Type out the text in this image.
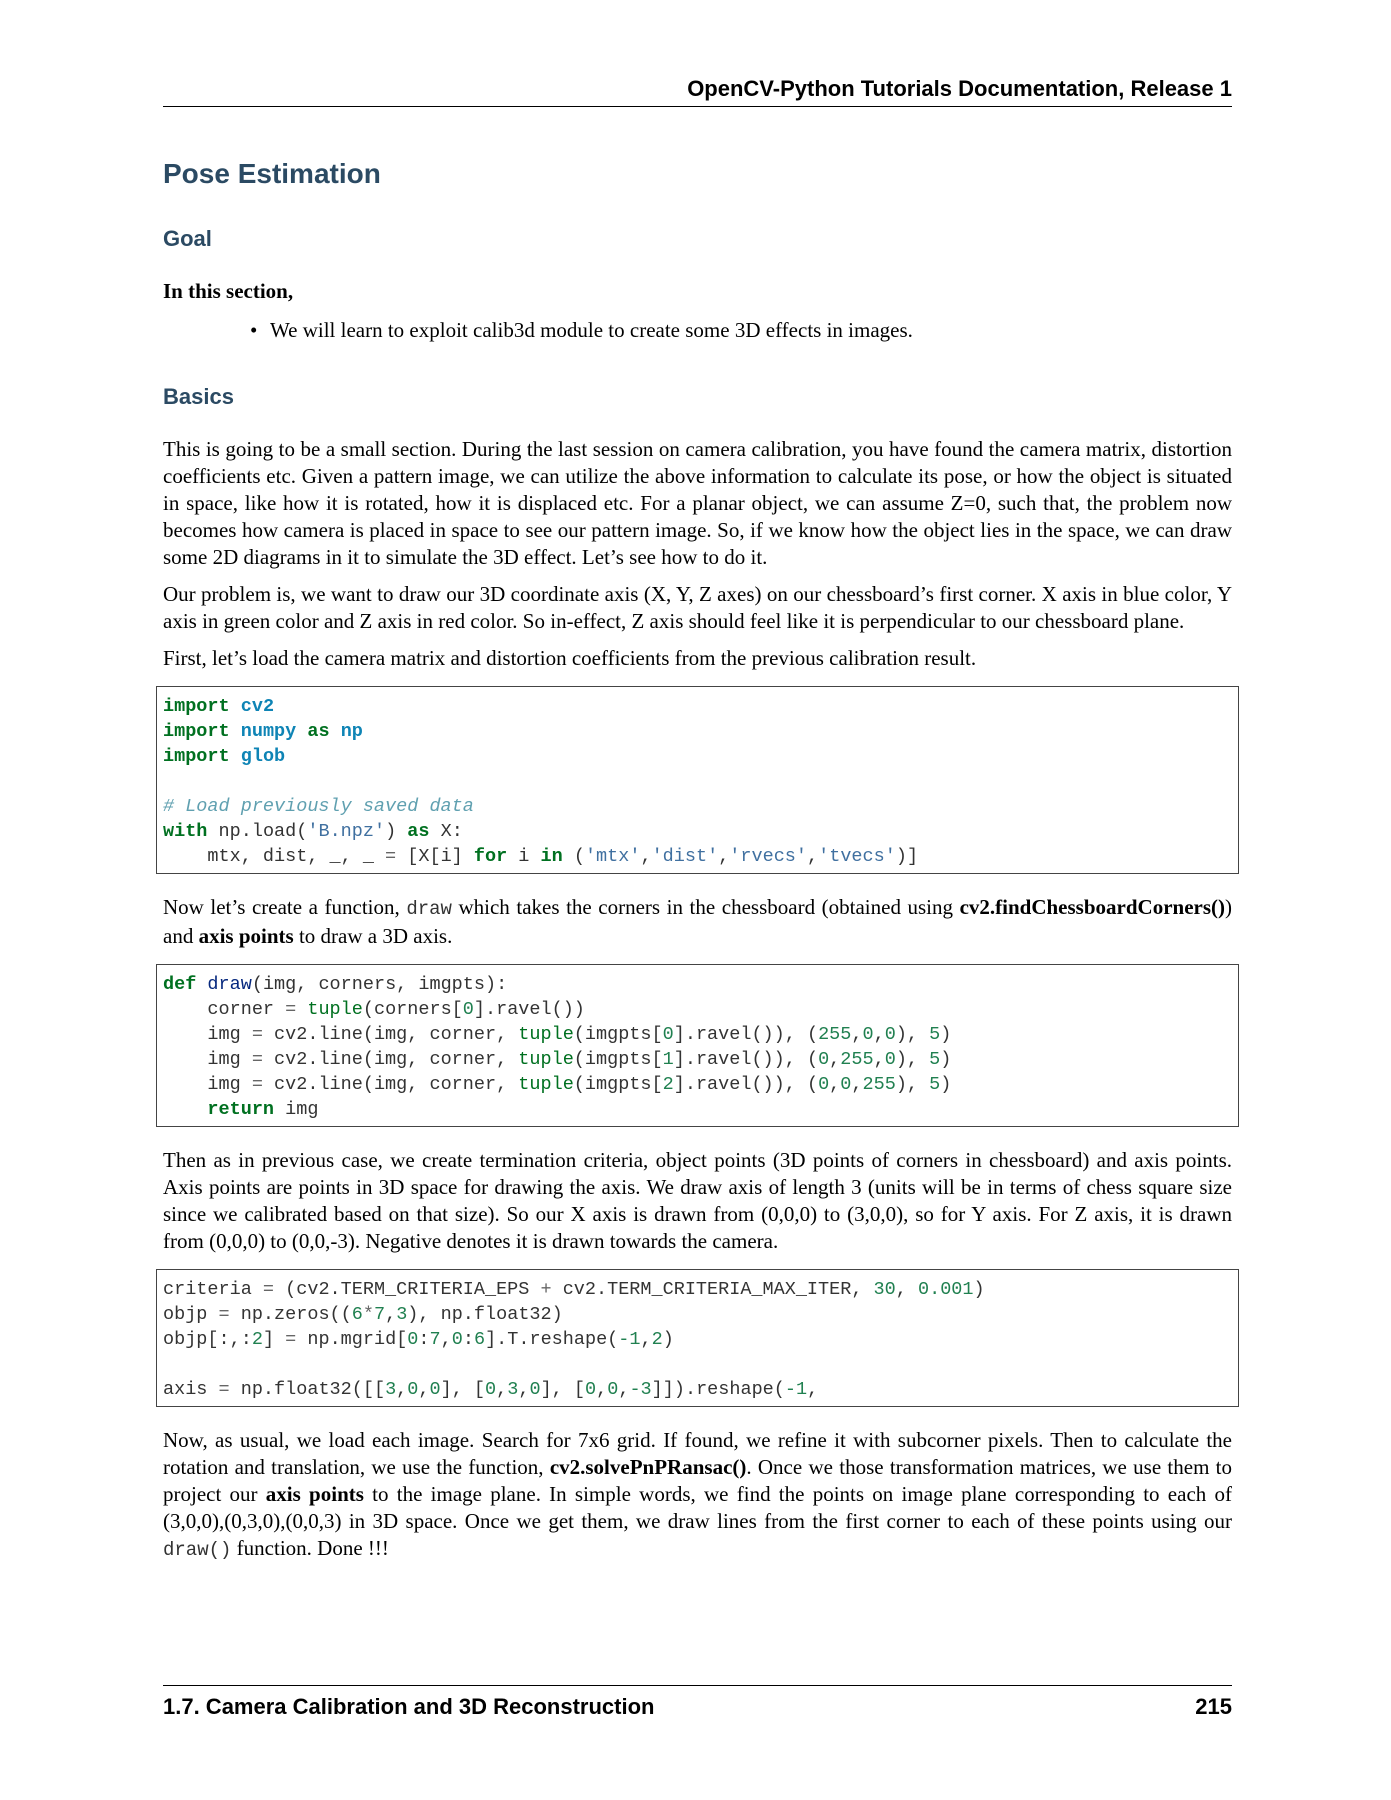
OpenCV-Python Tutorials Documentation, Release 1
Pose Estimation
Goal

In this section,

• We will learn to exploit calib3d module to create some 3D effects in images.
Basics

This is going to be a small section. During the last session on camera calibration, you have found the camera matrix, distortion coefficients etc. Given a pattern image, we can utilize the above information to calculate its pose, or how the object is situated in space, like how it is rotated, how it is displaced etc. For a planar object, we can assume Z=0, such that, the problem now becomes how camera is placed in space to see our pattern image. So, if we know how the object lies in the space, we can draw some 2D diagrams in it to simulate the 3D effect. Let’s see how to do it.

Our problem is, we want to draw our 3D coordinate axis (X, Y, Z axes) on our chessboard’s first corner. X axis in blue color, Y axis in green color and Z axis in red color. So in-effect, Z axis should feel like it is perpendicular to our chessboard plane.

First, let’s load the camera matrix and distortion coefficients from the previous calibration result.

import cv2
import numpy as np
import glob

# Load previously saved data
with np.load('B.npz') as X:
mtx, dist, _, _ = [X[i] for i in ('mtx','dist','rvecs','tvecs')]

Now let’s create a function, draw which takes the corners in the chessboard (obtained using cv2.findChessboardCorners()) and axis points to draw a 3D axis.

def draw(img, corners, imgpts):
corner = tuple(corners[0].ravel())
img = cv2.line(img, corner, tuple(imgpts[0].ravel()), (255,0,0), 5)
img = cv2.line(img, corner, tuple(imgpts[1].ravel()), (0,255,0), 5)
img = cv2.line(img, corner, tuple(imgpts[2].ravel()), (0,0,255), 5)
return img

Then as in previous case, we create termination criteria, object points (3D points of corners in chessboard) and axis points. Axis points are points in 3D space for drawing the axis. We draw axis of length 3 (units will be in terms of chess square size since we calibrated based on that size). So our X axis is drawn from (0,0,0) to (3,0,0), so for Y axis. For Z axis, it is drawn from (0,0,0) to (0,0,-3). Negative denotes it is drawn towards the camera.

criteria = (cv2.TERM_CRITERIA_EPS + cv2.TERM_CRITERIA_MAX_ITER, 30, 0.001)
objp = np.zeros((6*7,3), np.float32)
objp[:,:2] = np.mgrid[0:7,0:6].T.reshape(-1,2)

axis = np.float32([[3,0,0], [0,3,0], [0,0,-3]]).reshape(-1,

Now, as usual, we load each image. Search for 7x6 grid. If found, we refine it with subcorner pixels. Then to calculate the rotation and translation, we use the function, cv2.solvePnPRansac(). Once we those transformation matrices, we use them to project our axis points to the image plane. In simple words, we find the points on image plane corresponding to each of (3,0,0),(0,3,0),(0,0,3) in 3D space. Once we get them, we draw lines from the first corner to each of these points using our draw() function. Done !!!

1.7. Camera Calibration and 3D Reconstruction	215
